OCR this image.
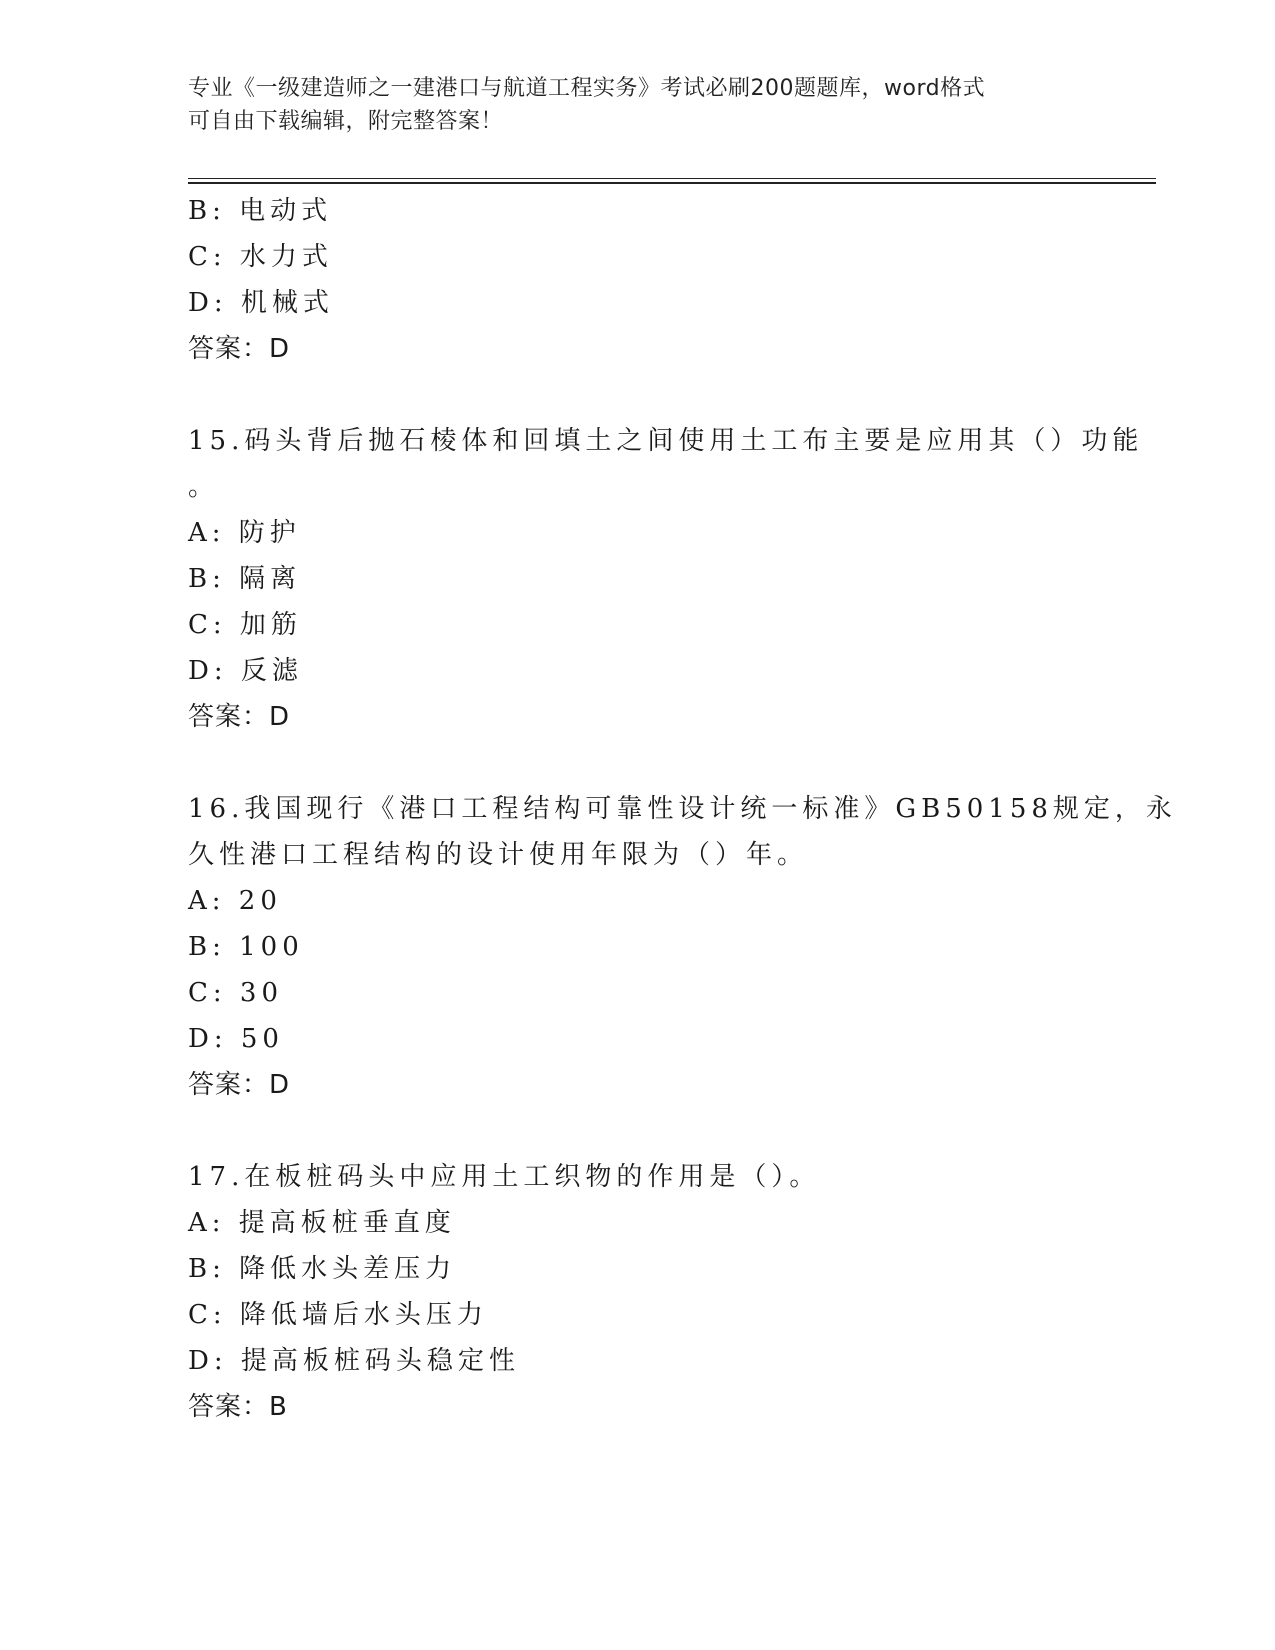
专业《一级建造师之一建港口与航道工程实务》考试必刷200题题库，word格式
可自由下载编辑，附完整答案！
B: 电动式
C: 水力式
D: 机械式
答案：D
15.码头背后抛石棱体和回填土之间使用土工布主要是应用其（）功能
。
A: 防护
B: 隔离
C: 加筋
D: 反滤
答案：D
16.我国现行《港口工程结构可靠性设计统一标准》GB50158规定，永
久性港口工程结构的设计使用年限为（）年。
A: 20
B: 100
C: 30
D: 50
答案：D
17.在板桩码头中应用土工织物的作用是（）。
A: 提高板桩垂直度
B: 降低水头差压力
C: 降低墙后水头压力
D: 提高板桩码头稳定性
答案：B
